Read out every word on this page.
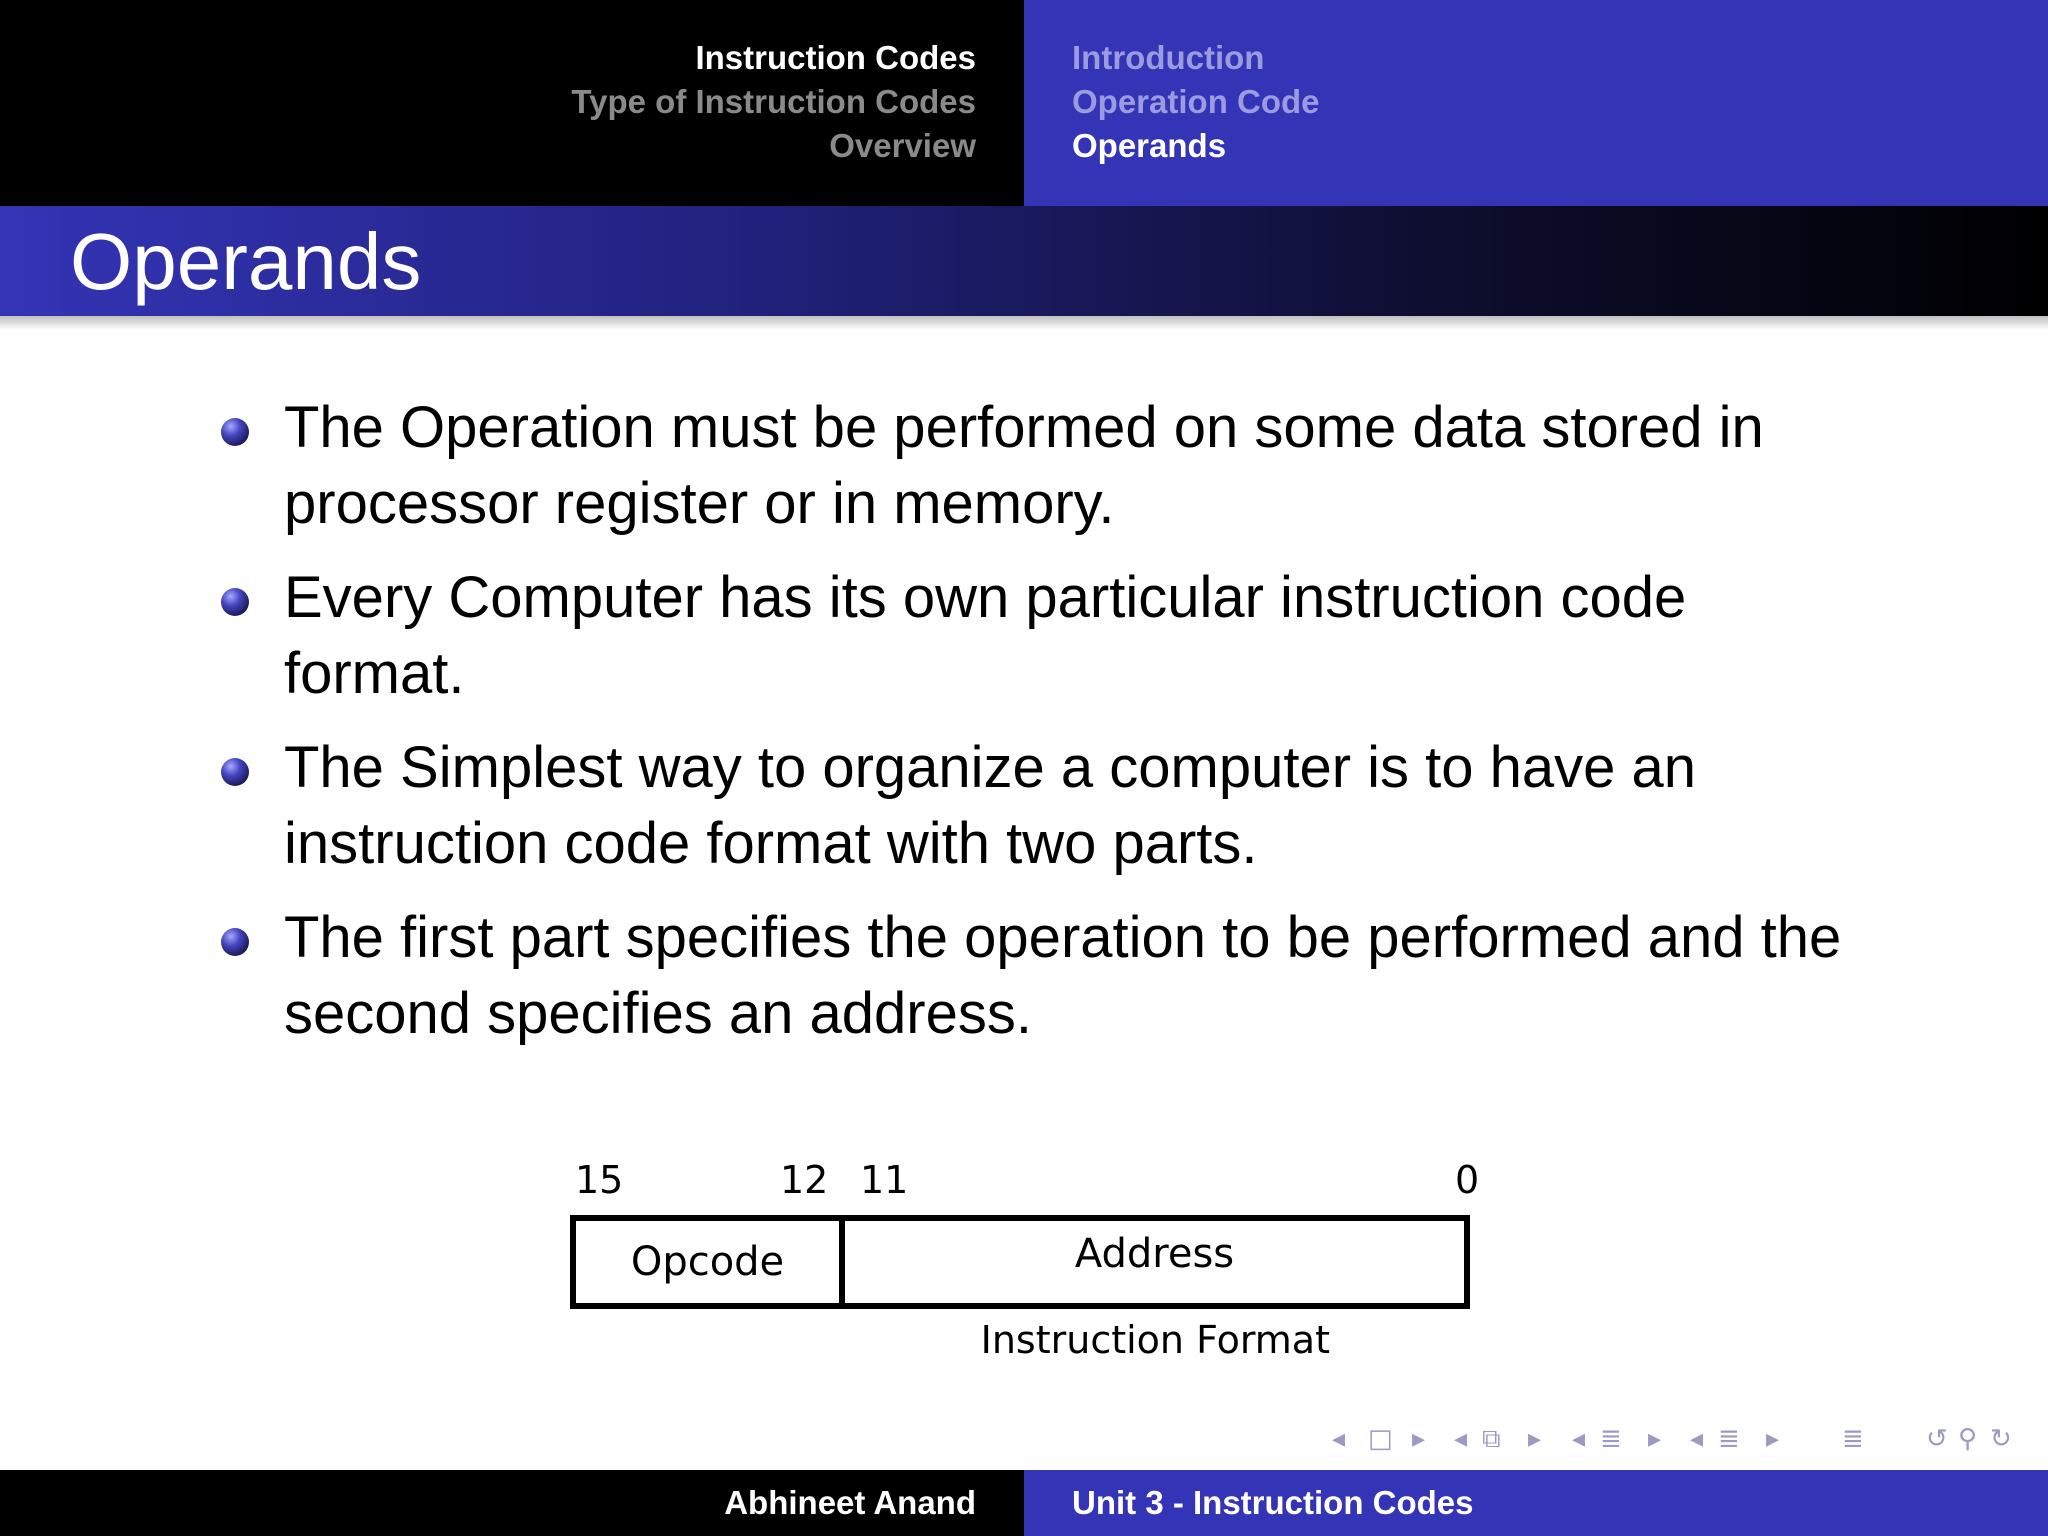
Instruction Codes
Type of Instruction Codes
Overview
Introduction
Operation Code
Operands
Operands
The Operation must be performed on some data stored in processor register or in memory.
Every Computer has its own particular instruction code format.
The Simplest way to organize a computer is to have an instruction code format with two parts.
The first part specifies the operation to be performed and the second specifies an address.
15	12 11	0
Opcode	Address
Instruction Format
◂ □ ▸ ◂ ⧉ ▸ ◂ ≣ ▸ ◂ ≣ ▸ ≣ ↺ ⚲ ↻
Abhineet Anand	Unit 3 - Instruction Codes
